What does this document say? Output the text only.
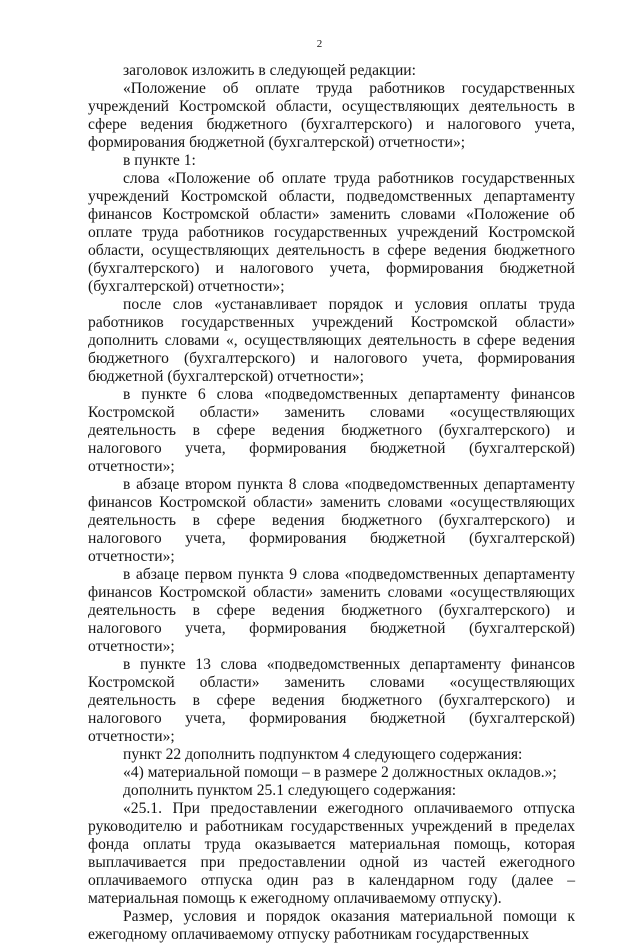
2

заголовок изложить в следующей редакции:

«Положение об оплате труда работников государственных учреждений Костромской области, осуществляющих деятельность в сфере ведения бюджетного (бухгалтерского) и налогового учета, формирования бюджетной (бухгалтерской) отчетности»;

в пункте 1:

слова «Положение об оплате труда работников государственных учреждений Костромской области, подведомственных департаменту финансов Костромской области» заменить словами «Положение об оплате труда работников государственных учреждений Костромской области, осуществляющих деятельность в сфере ведения бюджетного (бухгалтерского) и налогового учета, формирования бюджетной (бухгалтерской) отчетности»;

после слов «устанавливает порядок и условия оплаты труда работников государственных учреждений Костромской области» дополнить словами «, осуществляющих деятельность в сфере ведения бюджетного (бухгалтерского) и налогового учета, формирования бюджетной (бухгалтерской) отчетности»;

в пункте 6 слова «подведомственных департаменту финансов Костромской области» заменить словами «осуществляющих деятельность в сфере ведения бюджетного (бухгалтерского) и налогового учета, формирования бюджетной (бухгалтерской) отчетности»;

в абзаце втором пункта 8 слова «подведомственных департаменту финансов Костромской области» заменить словами «осуществляющих деятельность в сфере ведения бюджетного (бухгалтерского) и налогового учета, формирования бюджетной (бухгалтерской) отчетности»;

в абзаце первом пункта 9 слова «подведомственных департаменту финансов Костромской области» заменить словами «осуществляющих деятельность в сфере ведения бюджетного (бухгалтерского) и налогового учета, формирования бюджетной (бухгалтерской) отчетности»;

в пункте 13 слова «подведомственных департаменту финансов Костромской области» заменить словами «осуществляющих деятельность в сфере ведения бюджетного (бухгалтерского) и налогового учета, формирования бюджетной (бухгалтерской) отчетности»;

пункт 22 дополнить подпунктом 4 следующего содержания:

«4) материальной помощи – в размере 2 должностных окладов.»;

дополнить пунктом 25.1 следующего содержания:

«25.1. При предоставлении ежегодного оплачиваемого отпуска руководителю и работникам государственных учреждений в пределах фонда оплаты труда оказывается материальная помощь, которая выплачивается при предоставлении одной из частей ежегодного оплачиваемого отпуска один раз в календарном году (далее – материальная помощь к ежегодному оплачиваемому отпуску).

Размер, условия и порядок оказания материальной помощи к ежегодному оплачиваемому отпуску работникам государственных
